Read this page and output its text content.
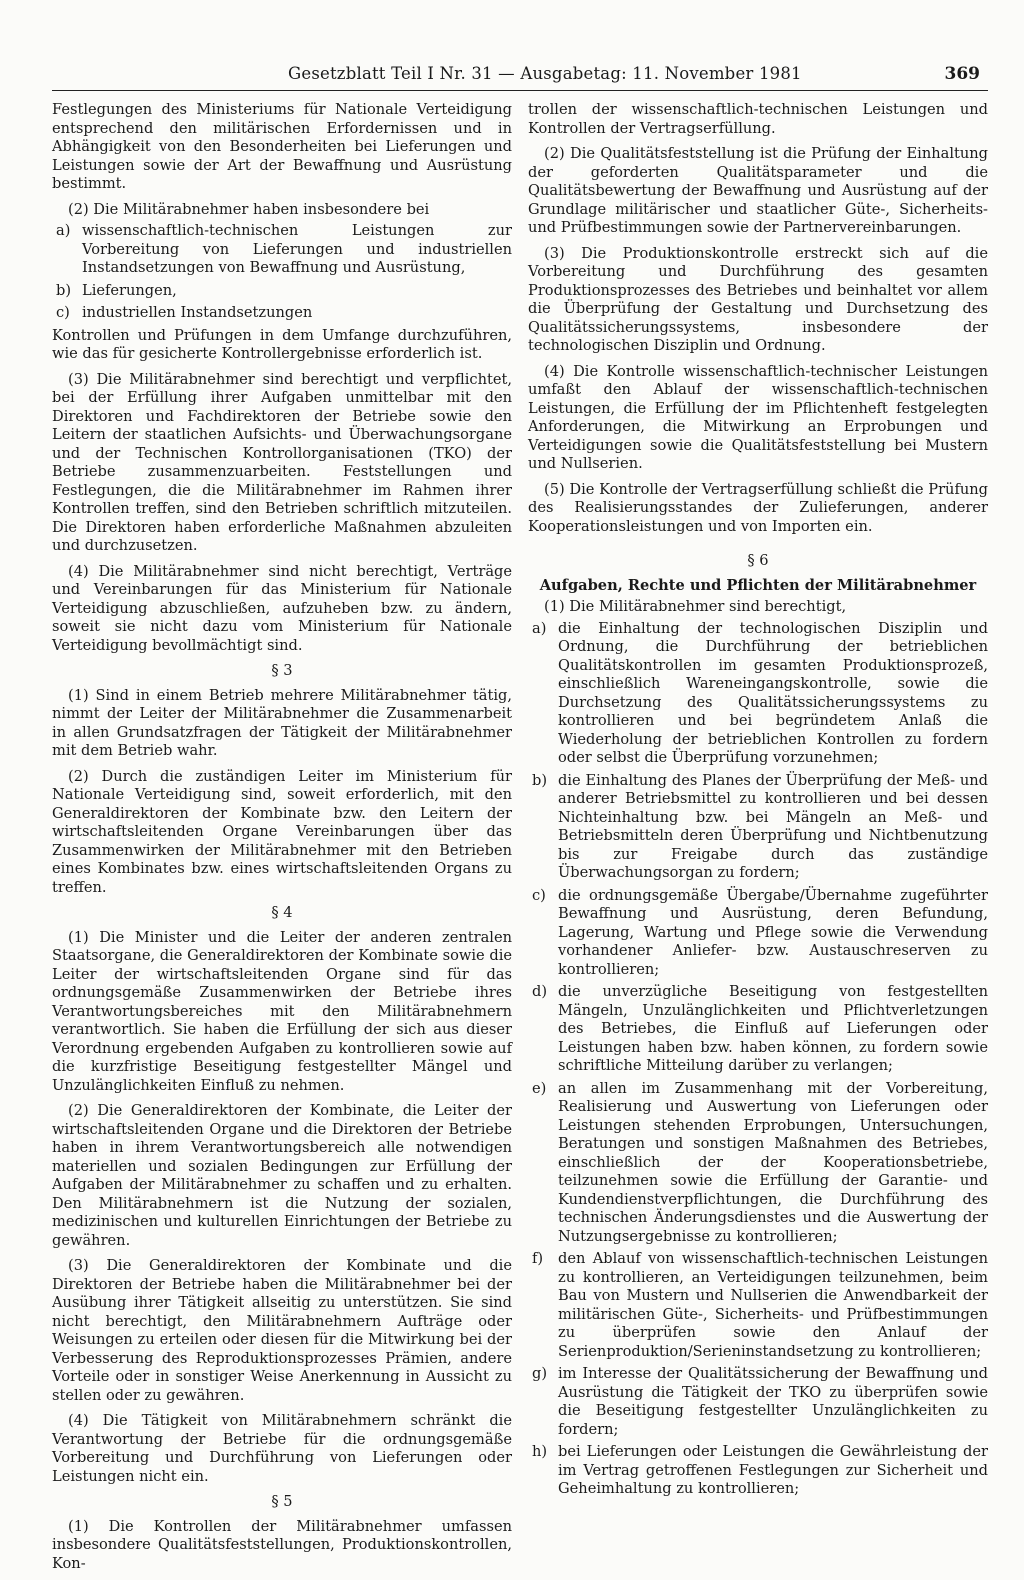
Gesetzblatt Teil I Nr. 31 — Ausgabetag: 11. November 1981	369

Festlegungen des Ministeriums für Nationale Verteidigung entsprechend den militärischen Erfordernissen und in Abhängigkeit von den Besonderheiten bei Lieferungen und Leistungen sowie der Art der Bewaffnung und Ausrüstung bestimmt.

(2) Die Militärabnehmer haben insbesondere bei

a) wissenschaftlich-technischen Leistungen zur Vorbereitung von Lieferungen und industriellen Instandsetzungen von Bewaffnung und Ausrüstung,
b) Lieferungen,
c) industriellen Instandsetzungen

Kontrollen und Prüfungen in dem Umfange durchzuführen, wie das für gesicherte Kontrollergebnisse erforderlich ist.

(3) Die Militärabnehmer sind berechtigt und verpflichtet, bei der Erfüllung ihrer Aufgaben unmittelbar mit den Direktoren und Fachdirektoren der Betriebe sowie den Leitern der staatlichen Aufsichts- und Überwachungsorgane und der Technischen Kontrollorganisationen (TKO) der Betriebe zusammenzuarbeiten. Feststellungen und Festlegungen, die die Militärabnehmer im Rahmen ihrer Kontrollen treffen, sind den Betrieben schriftlich mitzuteilen. Die Direktoren haben erforderliche Maßnahmen abzuleiten und durchzusetzen.

(4) Die Militärabnehmer sind nicht berechtigt, Verträge und Vereinbarungen für das Ministerium für Nationale Verteidigung abzuschließen, aufzuheben bzw. zu ändern, soweit sie nicht dazu vom Ministerium für Nationale Verteidigung bevollmächtigt sind.

§ 3

(1) Sind in einem Betrieb mehrere Militärabnehmer tätig, nimmt der Leiter der Militärabnehmer die Zusammenarbeit in allen Grundsatzfragen der Tätigkeit der Militärabnehmer mit dem Betrieb wahr.

(2) Durch die zuständigen Leiter im Ministerium für Nationale Verteidigung sind, soweit erforderlich, mit den Generaldirektoren der Kombinate bzw. den Leitern der wirtschaftsleitenden Organe Vereinbarungen über das Zusammenwirken der Militärabnehmer mit den Betrieben eines Kombinates bzw. eines wirtschaftsleitenden Organs zu treffen.

§ 4

(1) Die Minister und die Leiter der anderen zentralen Staatsorgane, die Generaldirektoren der Kombinate sowie die Leiter der wirtschaftsleitenden Organe sind für das ordnungsgemäße Zusammenwirken der Betriebe ihres Verantwortungsbereiches mit den Militärabnehmern verantwortlich. Sie haben die Erfüllung der sich aus dieser Verordnung ergebenden Aufgaben zu kontrollieren sowie auf die kurzfristige Beseitigung festgestellter Mängel und Unzulänglichkeiten Einfluß zu nehmen.

(2) Die Generaldirektoren der Kombinate, die Leiter der wirtschaftsleitenden Organe und die Direktoren der Betriebe haben in ihrem Verantwortungsbereich alle notwendigen materiellen und sozialen Bedingungen zur Erfüllung der Aufgaben der Militärabnehmer zu schaffen und zu erhalten. Den Militärabnehmern ist die Nutzung der sozialen, medizinischen und kulturellen Einrichtungen der Betriebe zu gewähren.

(3) Die Generaldirektoren der Kombinate und die Direktoren der Betriebe haben die Militärabnehmer bei der Ausübung ihrer Tätigkeit allseitig zu unterstützen. Sie sind nicht berechtigt, den Militärabnehmern Aufträge oder Weisungen zu erteilen oder diesen für die Mitwirkung bei der Verbesserung des Reproduktionsprozesses Prämien, andere Vorteile oder in sonstiger Weise Anerkennung in Aussicht zu stellen oder zu gewähren.

(4) Die Tätigkeit von Militärabnehmern schränkt die Verantwortung der Betriebe für die ordnungsgemäße Vorbereitung und Durchführung von Lieferungen oder Leistungen nicht ein.

§ 5

(1) Die Kontrollen der Militärabnehmer umfassen insbesondere Qualitätsfeststellungen, Produktionskontrollen, Kon-

trollen der wissenschaftlich-technischen Leistungen und Kontrollen der Vertragserfüllung.

(2) Die Qualitätsfeststellung ist die Prüfung der Einhaltung der geforderten Qualitätsparameter und die Qualitätsbewertung der Bewaffnung und Ausrüstung auf der Grundlage militärischer und staatlicher Güte-, Sicherheits- und Prüfbestimmungen sowie der Partnervereinbarungen.

(3) Die Produktionskontrolle erstreckt sich auf die Vorbereitung und Durchführung des gesamten Produktionsprozesses des Betriebes und beinhaltet vor allem die Überprüfung der Gestaltung und Durchsetzung des Qualitätssicherungssystems, insbesondere der technologischen Disziplin und Ordnung.

(4) Die Kontrolle wissenschaftlich-technischer Leistungen umfaßt den Ablauf der wissenschaftlich-technischen Leistungen, die Erfüllung der im Pflichtenheft festgelegten Anforderungen, die Mitwirkung an Erprobungen und Verteidigungen sowie die Qualitätsfeststellung bei Mustern und Nullserien.

(5) Die Kontrolle der Vertragserfüllung schließt die Prüfung des Realisierungsstandes der Zulieferungen, anderer Kooperationsleistungen und von Importen ein.

§ 6

Aufgaben, Rechte und Pflichten der Militärabnehmer

(1) Die Militärabnehmer sind berechtigt,

a) die Einhaltung der technologischen Disziplin und Ordnung, die Durchführung der betrieblichen Qualitätskontrollen im gesamten Produktionsprozeß, einschließlich Wareneingangskontrolle, sowie die Durchsetzung des Qualitätssicherungssystems zu kontrollieren und bei begründetem Anlaß die Wiederholung der betrieblichen Kontrollen zu fordern oder selbst die Überprüfung vorzunehmen;
b) die Einhaltung des Planes der Überprüfung der Meß- und anderer Betriebsmittel zu kontrollieren und bei dessen Nichteinhaltung bzw. bei Mängeln an Meß- und Betriebsmitteln deren Überprüfung und Nichtbenutzung bis zur Freigabe durch das zuständige Überwachungsorgan zu fordern;
c) die ordnungsgemäße Übergabe/Übernahme zugeführter Bewaffnung und Ausrüstung, deren Befundung, Lagerung, Wartung und Pflege sowie die Verwendung vorhandener Anliefer- bzw. Austauschreserven zu kontrollieren;
d) die unverzügliche Beseitigung von festgestellten Mängeln, Unzulänglichkeiten und Pflichtverletzungen des Betriebes, die Einfluß auf Lieferungen oder Leistungen haben bzw. haben können, zu fordern sowie schriftliche Mitteilung darüber zu verlangen;
e) an allen im Zusammenhang mit der Vorbereitung, Realisierung und Auswertung von Lieferungen oder Leistungen stehenden Erprobungen, Untersuchungen, Beratungen und sonstigen Maßnahmen des Betriebes, einschließlich der der Kooperationsbetriebe, teilzunehmen sowie die Erfüllung der Garantie- und Kundendienstverpflichtungen, die Durchführung des technischen Änderungsdienstes und die Auswertung der Nutzungsergebnisse zu kontrollieren;
f)	den Ablauf von wissenschaftlich-technischen Leistungen zu kontrollieren, an Verteidigungen teilzunehmen, beim Bau von Mustern und Nullserien die Anwendbarkeit der militärischen Güte-, Sicherheits- und Prüfbestimmungen zu überprüfen sowie den Anlauf der Serienproduktion/Serieninstandsetzung zu kontrollieren;
g) im Interesse der Qualitätssicherung der Bewaffnung und Ausrüstung die Tätigkeit der TKO zu überprüfen sowie die Beseitigung festgestellter Unzulänglichkeiten zu fordern;
h) bei Lieferungen oder Leistungen die Gewährleistung der im Vertrag getroffenen Festlegungen zur Sicherheit und Geheimhaltung zu kontrollieren;
